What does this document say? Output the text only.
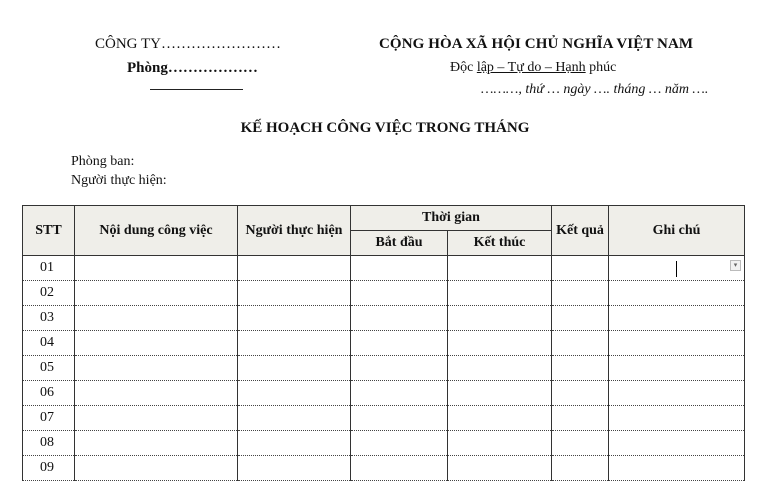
CÔNG TY……………………
Phòng………………
CỘNG HÒA XÃ HỘI CHỦ NGHĨA VIỆT NAM
Độc lập – Tự do – Hạnh phúc
………, thứ … ngày …. tháng … năm ….
KẾ HOẠCH CÔNG VIỆC TRONG THÁNG
Phòng ban:
Người thực hiện:
STT	Nội dung công việc	Người thực hiện	Thời gian		Kết quả	Ghi chú
			Bắt đầu	Kết thúc		
01						▾

02						
03						
04						
05						
06						
07						
08						
09						
